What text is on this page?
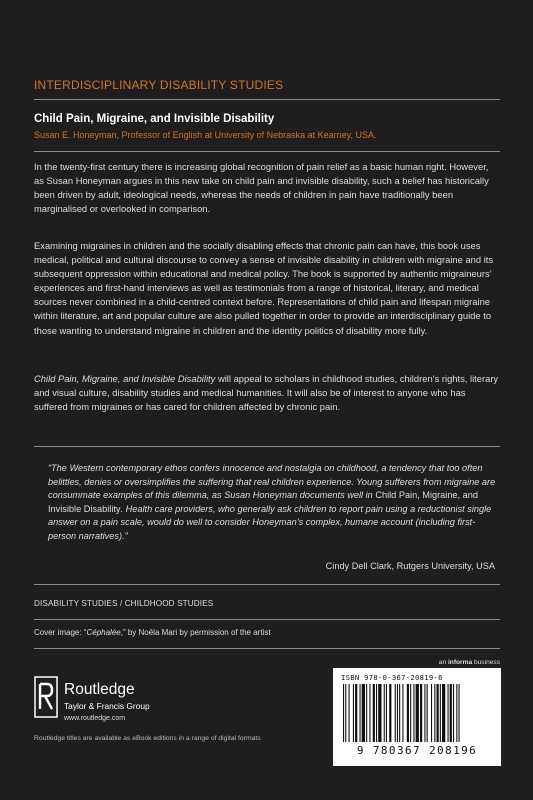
INTERDISCIPLINARY DISABILITY STUDIES
Child Pain, Migraine, and Invisible Disability
Susan E. Honeyman, Professor of English at University of Nebraska at Kearney, USA.

In the twenty-first century there is increasing global recognition of pain relief as a basic human right. However, as Susan Honeyman argues in this new take on child pain and invisible disability, such a belief has historically been driven by adult, ideological needs, whereas the needs of children in pain have traditionally been marginalised or overlooked in comparison.

Examining migraines in children and the socially disabling effects that chronic pain can have, this book uses medical, political and cultural discourse to convey a sense of invisible disability in children with migraine and its subsequent oppression within educational and medical policy. The book is supported by authentic migraineurs’ experiences and first-hand interviews as well as testimonials from a range of historical, literary, and medical sources never combined in a child-centred context before. Representations of child pain and lifespan migraine within literature, art and popular culture are also pulled together in order to provide an interdisciplinary guide to those wanting to understand migraine in children and the identity politics of disability more fully.

Child Pain, Migraine, and Invisible Disability will appeal to scholars in childhood studies, children’s rights, literary and visual culture, disability studies and medical humanities. It will also be of interest to anyone who has suffered from migraines or has cared for children affected by chronic pain.

“The Western contemporary ethos confers innocence and nostalgia on childhood, a tendency that too often belittles, denies or oversimplifies the suffering that real children experience. Young sufferers from migraine are consummate examples of this dilemma, as Susan Honeyman documents well in Child Pain, Migraine, and Invisible Disability. Health care providers, who generally ask children to report pain using a reductionist single answer on a pain scale, would do well to consider Honeyman’s complex, humane account (including first-person narratives).”
Cindy Dell Clark, Rutgers University, USA
DISABILITY STUDIES / CHILDHOOD STUDIES
Cover image: “Céphalée,” by Noëla Mari by permission of the artist
an informa business
Routledge
Taylor & Francis Group
www.routledge.com
Routledge titles are available as eBook editions in a range of digital formats
ISBN 978-0-367-20819-6
9 780367 208196
